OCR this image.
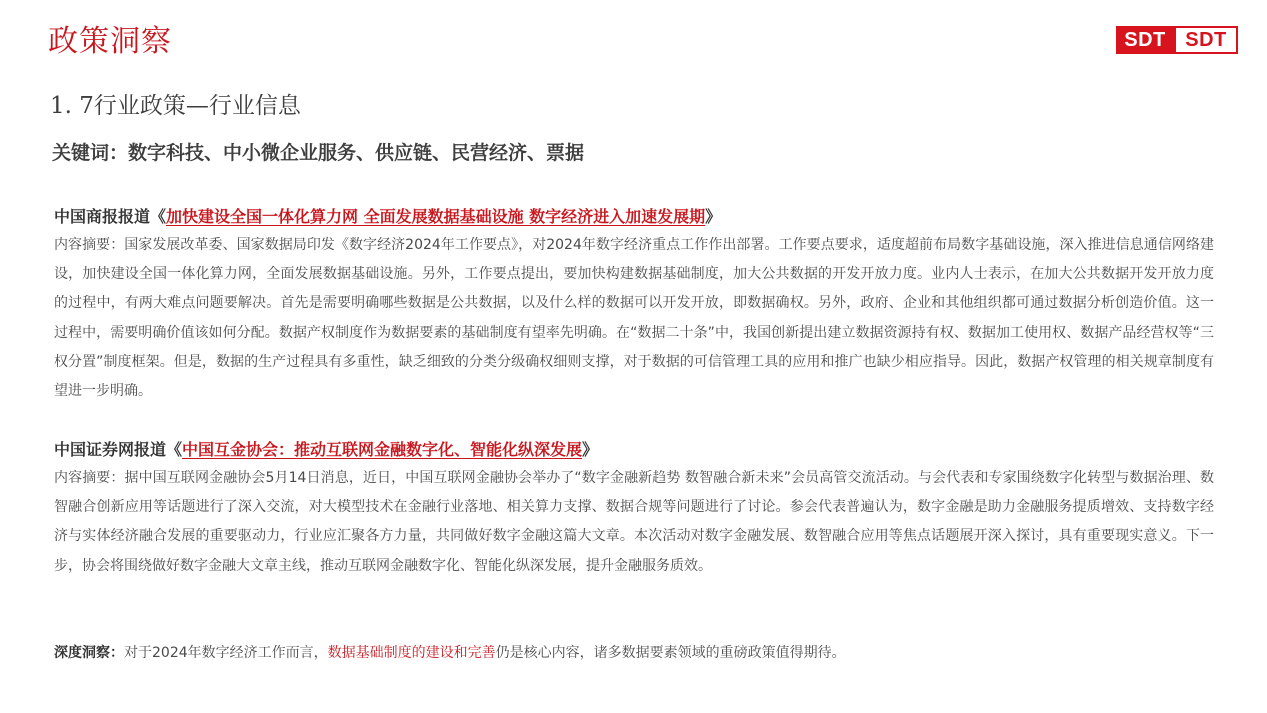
政策洞察	SDT SDT
1. 7行业政策—行业信息

关键词：数字科技、中小微企业服务、供应链、民营经济、票据

中国商报报道《加快建设全国一体化算力网 全面发展数据基础设施 数字经济进入加速发展期》
内容摘要：国家发展改革委、国家数据局印发《数字经济2024年工作要点》，对2024年数字经济重点工作作出部署。工作要点要求，适度超前布局数字基础设施，深入推进信息通信网络建设，加快建设全国一体化算力网，全面发展数据基础设施。另外，工作要点提出，要加快构建数据基础制度，加大公共数据的开发开放力度。业内人士表示，在加大公共数据开发开放力度的过程中，有两大难点问题要解决。首先是需要明确哪些数据是公共数据，以及什么样的数据可以开发开放，即数据确权。另外，政府、企业和其他组织都可通过数据分析创造价值。这一过程中，需要明确价值该如何分配。数据产权制度作为数据要素的基础制度有望率先明确。在“数据二十条”中，我国创新提出建立数据资源持有权、数据加工使用权、数据产品经营权等“三权分置”制度框架。但是，数据的生产过程具有多重性，缺乏细致的分类分级确权细则支撑，对于数据的可信管理工具的应用和推广也缺少相应指导。因此，数据产权管理的相关规章制度有望进一步明确。
中国证券网报道《中国互金协会：推动互联网金融数字化、智能化纵深发展》
内容摘要：据中国互联网金融协会5月14日消息，近日，中国互联网金融协会举办了“数字金融新趋势 数智融合新未来”会员高管交流活动。与会代表和专家围绕数字化转型与数据治理、数智融合创新应用等话题进行了深入交流，对大模型技术在金融行业落地、相关算力支撑、数据合规等问题进行了讨论。参会代表普遍认为，数字金融是助力金融服务提质增效、支持数字经济与实体经济融合发展的重要驱动力，行业应汇聚各方力量，共同做好数字金融这篇大文章。本次活动对数字金融发展、数智融合应用等焦点话题展开深入探讨，具有重要现实意义。下一步，协会将围绕做好数字金融大文章主线，推动互联网金融数字化、智能化纵深发展，提升金融服务质效。
深度洞察：对于2024年数字经济工作而言，数据基础制度的建设和完善仍是核心内容，诸多数据要素领域的重磅政策值得期待。
